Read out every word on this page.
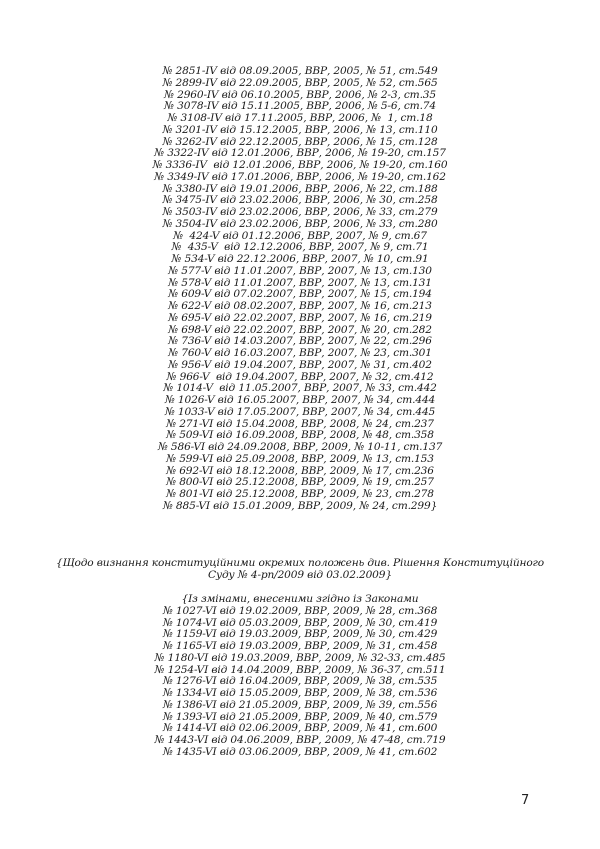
№ 2851-IV від 08.09.2005, ВВР, 2005, № 51, ст.549
№ 2899-IV від 22.09.2005, ВВР, 2005, № 52, ст.565
№ 2960-IV від 06.10.2005, ВВР, 2006, № 2-3, ст.35
№ 3078-IV від 15.11.2005, ВВР, 2006, № 5-6, ст.74
№ 3108-IV від 17.11.2005, ВВР, 2006, №  1, ст.18
№ 3201-IV від 15.12.2005, ВВР, 2006, № 13, ст.110
№ 3262-IV від 22.12.2005, ВВР, 2006, № 15, ст.128
№ 3322-IV від 12.01.2006, ВВР, 2006, № 19-20, ст.157
№ 3336-IV  від 12.01.2006, ВВР, 2006, № 19-20, ст.160
№ 3349-IV від 17.01.2006, ВВР, 2006, № 19-20, ст.162
№ 3380-IV від 19.01.2006, ВВР, 2006, № 22, ст.188
№ 3475-IV від 23.02.2006, ВВР, 2006, № 30, ст.258
№ 3503-IV від 23.02.2006, ВВР, 2006, № 33, ст.279
№ 3504-IV від 23.02.2006, ВВР, 2006, № 33, ст.280
№  424-V від 01.12.2006, ВВР, 2007, № 9, ст.67
№  435-V  від 12.12.2006, ВВР, 2007, № 9, ст.71
№ 534-V від 22.12.2006, ВВР, 2007, № 10, ст.91
№ 577-V від 11.01.2007, ВВР, 2007, № 13, ст.130
№ 578-V від 11.01.2007, ВВР, 2007, № 13, ст.131
№ 609-V від 07.02.2007, ВВР, 2007, № 15, ст.194
№ 622-V від 08.02.2007, ВВР, 2007, № 16, ст.213
№ 695-V від 22.02.2007, ВВР, 2007, № 16, ст.219
№ 698-V від 22.02.2007, ВВР, 2007, № 20, ст.282
№ 736-V від 14.03.2007, ВВР, 2007, № 22, ст.296
№ 760-V від 16.03.2007, ВВР, 2007, № 23, ст.301
№ 956-V від 19.04.2007, ВВР, 2007, № 31, ст.402
№ 966-V  від 19.04.2007, ВВР, 2007, № 32, ст.412
№ 1014-V  від 11.05.2007, ВВР, 2007, № 33, ст.442
№ 1026-V від 16.05.2007, ВВР, 2007, № 34, ст.444
№ 1033-V від 17.05.2007, ВВР, 2007, № 34, ст.445
№ 271-VI від 15.04.2008, ВВР, 2008, № 24, ст.237
№ 509-VI від 16.09.2008, ВВР, 2008, № 48, ст.358
№ 586-VI від 24.09.2008, ВВР, 2009, № 10-11, ст.137
№ 599-VI від 25.09.2008, ВВР, 2009, № 13, ст.153
№ 692-VI від 18.12.2008, ВВР, 2009, № 17, ст.236
№ 800-VI від 25.12.2008, ВВР, 2009, № 19, ст.257
№ 801-VI від 25.12.2008, ВВР, 2009, № 23, ст.278
№ 885-VI від 15.01.2009, ВВР, 2009, № 24, ст.299}
{Щодо визнання конституційними окремих положень див. Рішення Конституційного
Суду № 4-рп/2009 від 03.02.2009}
{Із змінами, внесеними згідно із Законами
№ 1027-VI від 19.02.2009, ВВР, 2009, № 28, ст.368
№ 1074-VI від 05.03.2009, ВВР, 2009, № 30, ст.419
№ 1159-VI від 19.03.2009, ВВР, 2009, № 30, ст.429
№ 1165-VI від 19.03.2009, ВВР, 2009, № 31, ст.458
№ 1180-VI від 19.03.2009, ВВР, 2009, № 32-33, ст.485
№ 1254-VI від 14.04.2009, ВВР, 2009, № 36-37, ст.511
№ 1276-VI від 16.04.2009, ВВР, 2009, № 38, ст.535
№ 1334-VI від 15.05.2009, ВВР, 2009, № 38, ст.536
№ 1386-VI від 21.05.2009, ВВР, 2009, № 39, ст.556
№ 1393-VI від 21.05.2009, ВВР, 2009, № 40, ст.579
№ 1414-VI від 02.06.2009, ВВР, 2009, № 41, ст.600
№ 1443-VI від 04.06.2009, ВВР, 2009, № 47-48, ст.719
№ 1435-VI від 03.06.2009, ВВР, 2009, № 41, ст.602
7
